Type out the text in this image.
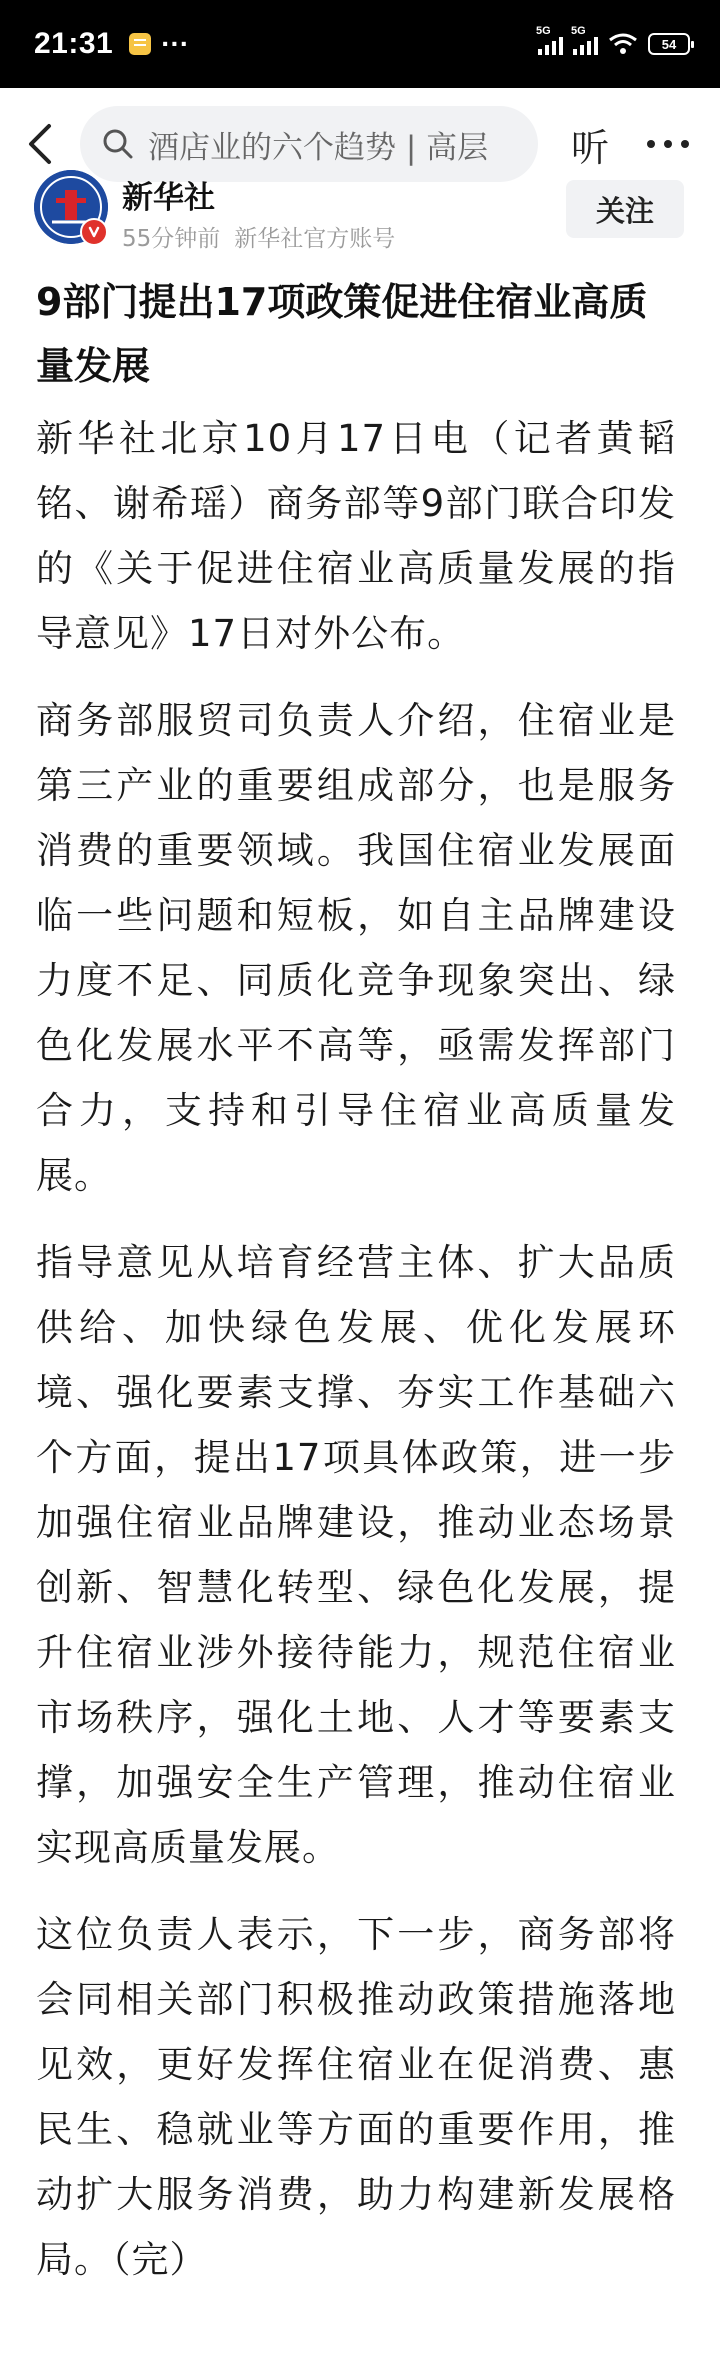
21:31 ···	5G 5G
54
酒店业的六个趋势 | 高层 听
新华社
55分钟前 新华社官方账号
关注
9部门提出17项政策促进住宿业高质量发展

新华社北京10月17日电（记者黄韬铭、谢希瑶）商务部等9部门联合印发的《关于促进住宿业高质量发展的指导意见》17日对外公布。

商务部服贸司负责人介绍，住宿业是第三产业的重要组成部分，也是服务消费的重要领域。我国住宿业发展面临一些问题和短板，如自主品牌建设力度不足、同质化竞争现象突出、绿色化发展水平不高等，亟需发挥部门合力，支持和引导住宿业高质量发展。

指导意见从培育经营主体、扩大品质供给、加快绿色发展、优化发展环境、强化要素支撑、夯实工作基础六个方面，提出17项具体政策，进一步加强住宿业品牌建设，推动业态场景创新、智慧化转型、绿色化发展，提升住宿业涉外接待能力，规范住宿业市场秩序，强化土地、人才等要素支撑，加强安全生产管理，推动住宿业实现高质量发展。

这位负责人表示，下一步，商务部将会同相关部门积极推动政策措施落地见效，更好发挥住宿业在促消费、惠民生、稳就业等方面的重要作用，推动扩大服务消费，助力构建新发展格局。（完）
